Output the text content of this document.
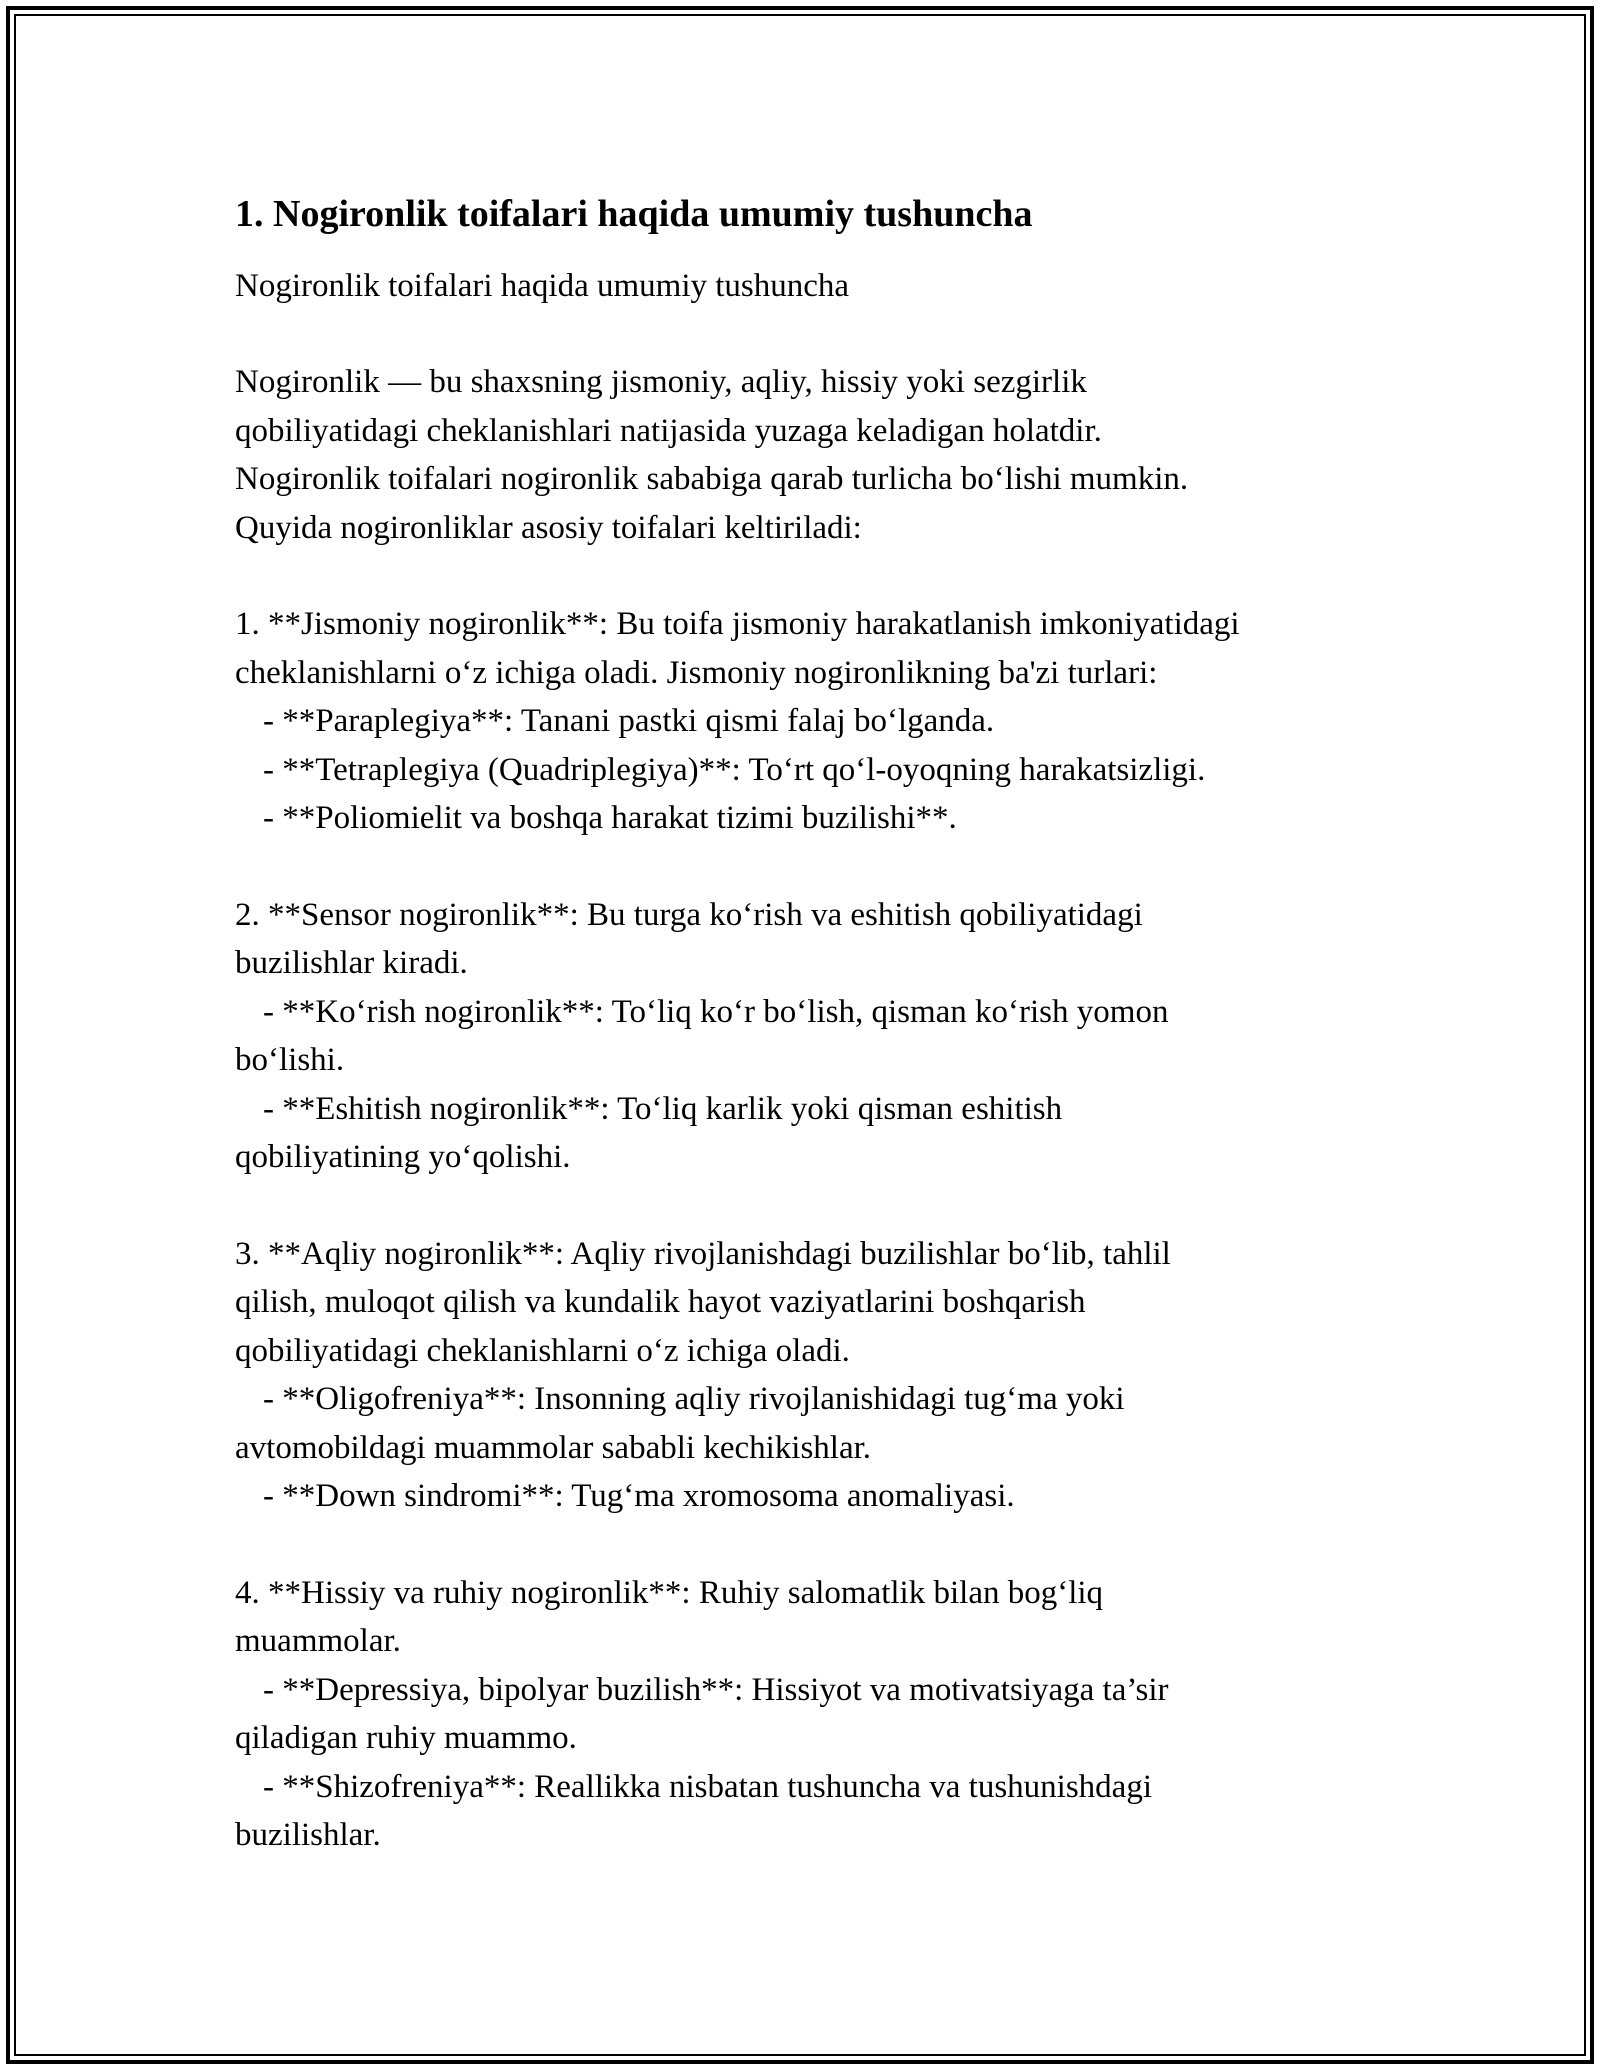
1. Nogironlik toifalari haqida umumiy tushuncha

Nogironlik toifalari haqida umumiy tushuncha

Nogironlik — bu shaxsning jismoniy, aqliy, hissiy yoki sezgirlik
qobiliyatidagi cheklanishlari natijasida yuzaga keladigan holatdir.
Nogironlik toifalari nogironlik sababiga qarab turlicha bo‘lishi mumkin.
Quyida nogironliklar asosiy toifalari keltiriladi:
1. **Jismoniy nogironlik**: Bu toifa jismoniy harakatlanish imkoniyatidagi
cheklanishlarni o‘z ichiga oladi. Jismoniy nogironlikning ba'zi turlari:
- **Paraplegiya**: Tanani pastki qismi falaj bo‘lganda.
- **Tetraplegiya (Quadriplegiya)**: To‘rt qo‘l-oyoqning harakatsizligi.
- **Poliomielit va boshqa harakat tizimi buzilishi**.
2. **Sensor nogironlik**: Bu turga ko‘rish va eshitish qobiliyatidagi
buzilishlar kiradi.
- **Ko‘rish nogironlik**: To‘liq ko‘r bo‘lish, qisman ko‘rish yomon
bo‘lishi.
- **Eshitish nogironlik**: To‘liq karlik yoki qisman eshitish
qobiliyatining yo‘qolishi.
3. **Aqliy nogironlik**: Aqliy rivojlanishdagi buzilishlar bo‘lib, tahlil
qilish, muloqot qilish va kundalik hayot vaziyatlarini boshqarish
qobiliyatidagi cheklanishlarni o‘z ichiga oladi.
- **Oligofreniya**: Insonning aqliy rivojlanishidagi tug‘ma yoki
avtomobildagi muammolar sababli kechikishlar.
- **Down sindromi**: Tug‘ma xromosoma anomaliyasi.
4. **Hissiy va ruhiy nogironlik**: Ruhiy salomatlik bilan bog‘liq
muammolar.
- **Depressiya, bipolyar buzilish**: Hissiyot va motivatsiyaga ta’sir
qiladigan ruhiy muammo.
- **Shizofreniya**: Reallikka nisbatan tushuncha va tushunishdagi
buzilishlar.
